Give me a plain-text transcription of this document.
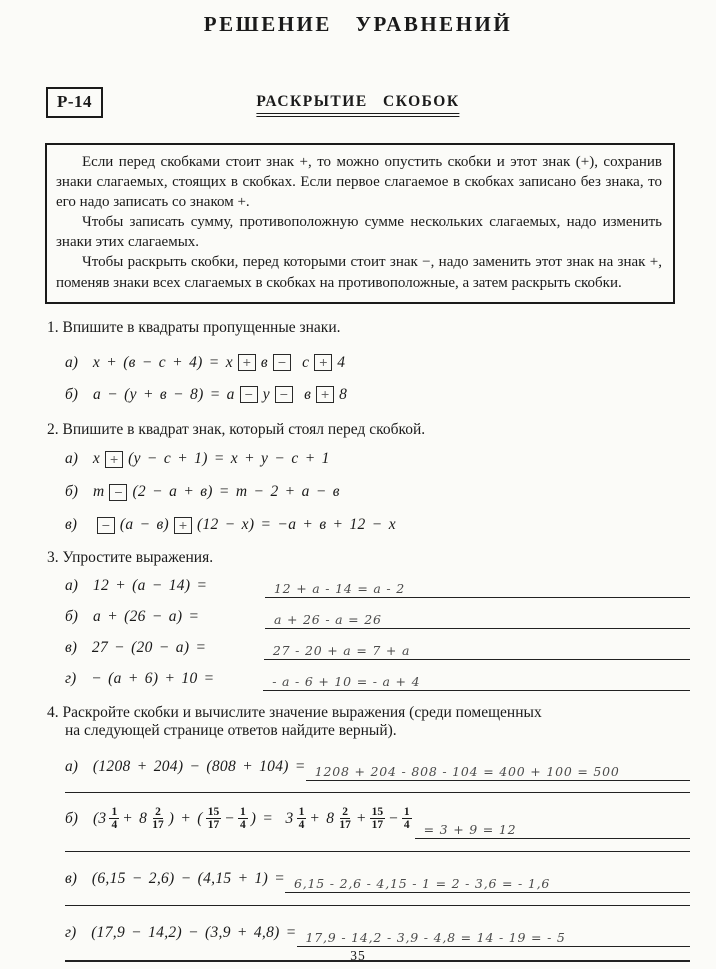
РЕШЕНИЕ УРАВНЕНИЙ
Р-14	РАСКРЫТИЕ СКОБОК

Если перед скобками стоит знак +, то можно опустить скобки и этот знак (+), сохранив знаки слагаемых, стоящих в скобках. Если первое слагаемое в скобках записано без знака, то его надо записать со знаком +.

Чтобы записать сумму, противоположную сумме нескольких слагаемых, надо изменить знаки этих слагаемых.

Чтобы раскрыть скобки, перед которыми стоит знак −, надо заменить этот знак на знак +, поменяв знаки всех слагаемых в скобках на противоположные, а затем раскрыть скобки.

1. Впишите в квадраты пропущенные знаки.
а) x + (в − c + 4) = x + в − c + 4
б) a − (y + в − 8) = a − y − в + 8
2. Впишите в квадрат знак, который стоял перед скобкой.
а) x + (y − c + 1) = x + y − c + 1
б) m − (2 − a + в) = m − 2 + a − в
в) − (a − в) + (12 − x) = −a + в + 12 − x
3. Упростите выражения.
а) 12 + (a − 14) =	12 + a - 14 = a - 2
б) a + (26 − a) =	a + 26 - a = 26
в) 27 − (20 − a) =	27 - 20 + a = 7 + a
г) − (a + 6) + 10 =	- a - 6 + 10 = - a + 4
4. Раскройте скобки и вычислите значение выражения (среди помещенных
на следующей странице ответов найдите верный).
а) (1208 + 204) − (808 + 104) = 1208 + 204 - 808 - 104 = 400 + 100 = 500
б) ($3 \frac{1}{4} + 8 \frac{2}{17}$ ) + ( $\frac{15}{17} - \frac{1}{4}$ ) =  $3 \frac{1}{4} + 8 \frac{2}{17} + \frac{15}{17} - \frac{1}{4} = 3 + 9 = 12$
в) (6,15 − 2,6) − (4,15 + 1) = 6,15 - 2,6 - 4,15 - 1 = 2 - 3,6 = - 1,6
г) (17,9 − 14,2) − (3,9 + 4,8) = 17,9 - 14,2 - 3,9 - 4,8 = 14 - 19 = - 5
35
